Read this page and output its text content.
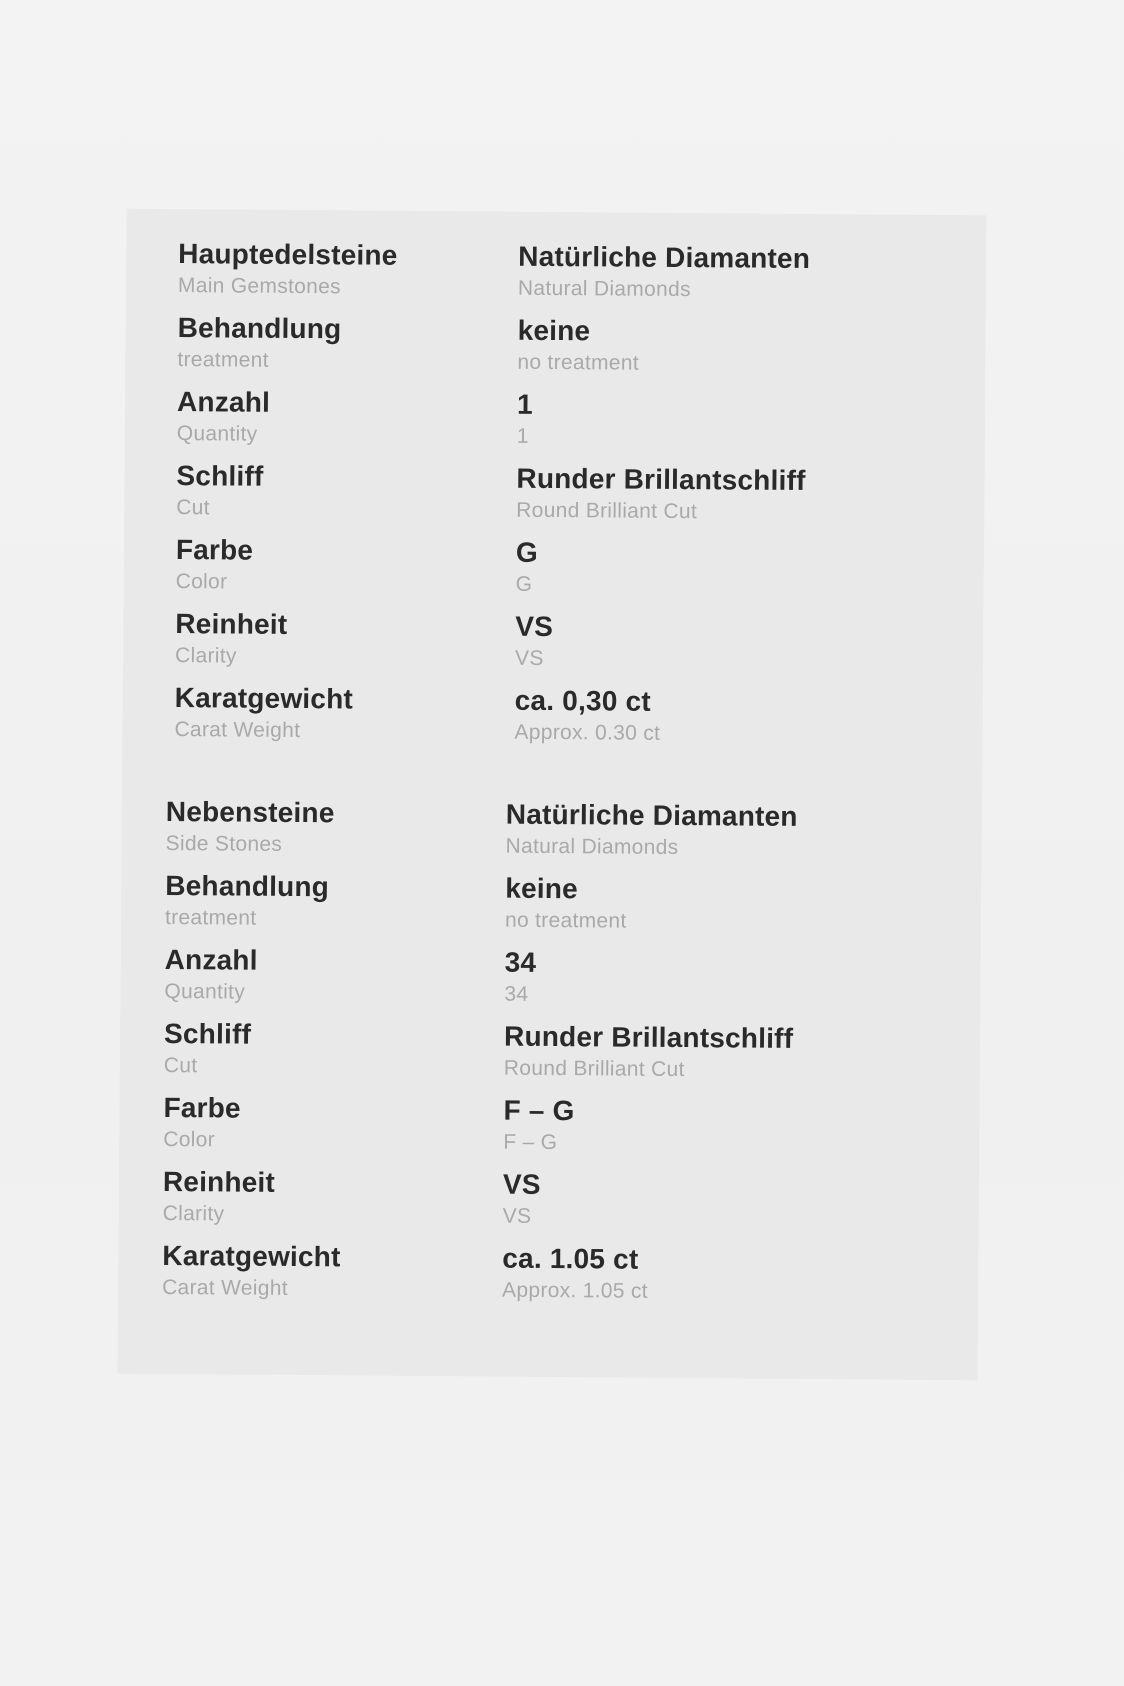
Hauptedelsteine
Main Gemstones
Natürliche Diamanten
Natural Diamonds
Behandlung
treatment
keine
no treatment
Anzahl
Quantity
1
1
Schliff
Cut
Runder Brillantschliff
Round Brilliant Cut
Farbe
Color
G
G
Reinheit
Clarity
VS
VS
Karatgewicht
Carat Weight
ca. 0,30 ct
Approx. 0.30 ct
Nebensteine
Side Stones
Natürliche Diamanten
Natural Diamonds
Behandlung
treatment
keine
no treatment
Anzahl
Quantity
34
34
Schliff
Cut
Runder Brillantschliff
Round Brilliant Cut
Farbe
Color
F – G
F – G
Reinheit
Clarity
VS
VS
Karatgewicht
Carat Weight
ca. 1.05 ct
Approx. 1.05 ct
